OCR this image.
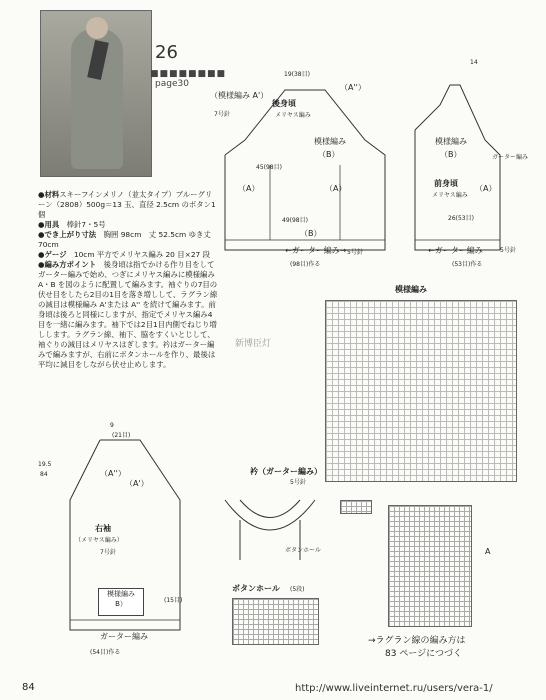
26
■■■■■■■■
page30

●材料スキーフインメリノ（並太タイプ）ブルーグリーン（2808）500g＝13 玉、直径 2.5cm のボタン1個

●用具　 棒針7・5号

●でき上がり寸法　 胸囲 98cm　丈 52.5cm ゆき丈 70cm

●ゲージ　 10cm 平方でメリヤス編み 20 目×27 段

●編み方ポイント　 後身頃は指でかける作り目をしてガーター編みで始め、つぎにメリヤス編みに模様編み A・B を図のように配置して編みます。袖ぐりの7目の伏せ目をしたら2目の1目を落き増しして、ラグラン線の減目は模様編み A'または A'' を続けて編みます。前身頃は後ろと同様にしますが、指定でメリヤス編み4目を一緒に編みます。袖下では2目1目内側でねじり増しします。ラグラン線、袖下、脇をすくいとじして、袖ぐりの減目はメリヤスはぎします。衿はガーター編みで編みますが、右前にボタンホールを作り、最後は平均に減目をしながら伏せ止めします。

（模様編み A'）
（A''）
後身頃
メリヤス編み
模様編み
（B）
（A）	（A）
（B）
←ガーター編み→
19(38目)
(98目)作る
45(98目)
49(98目)
5号針
7号針
模様編み
（B）
前身頃
メリヤス編み
（A）
←ガーター編み
ガーター編み
(53目)作る
26(53目)
14
5号針
模様編み
新博臣灯
（A''）
（A'）
右袖
（メリヤス編み）
7号針
模様編み
B）
ガーター編み
9
(21目)
19.5
84
(15目)
(54目)作る
衿（ガーター編み）
5号針
ボタンホール
ボタンホール (5段)
A
→ラグラン線の編み方は
83 ページにつづく
84	http://www.liveinternet.ru/users/vera-1/
